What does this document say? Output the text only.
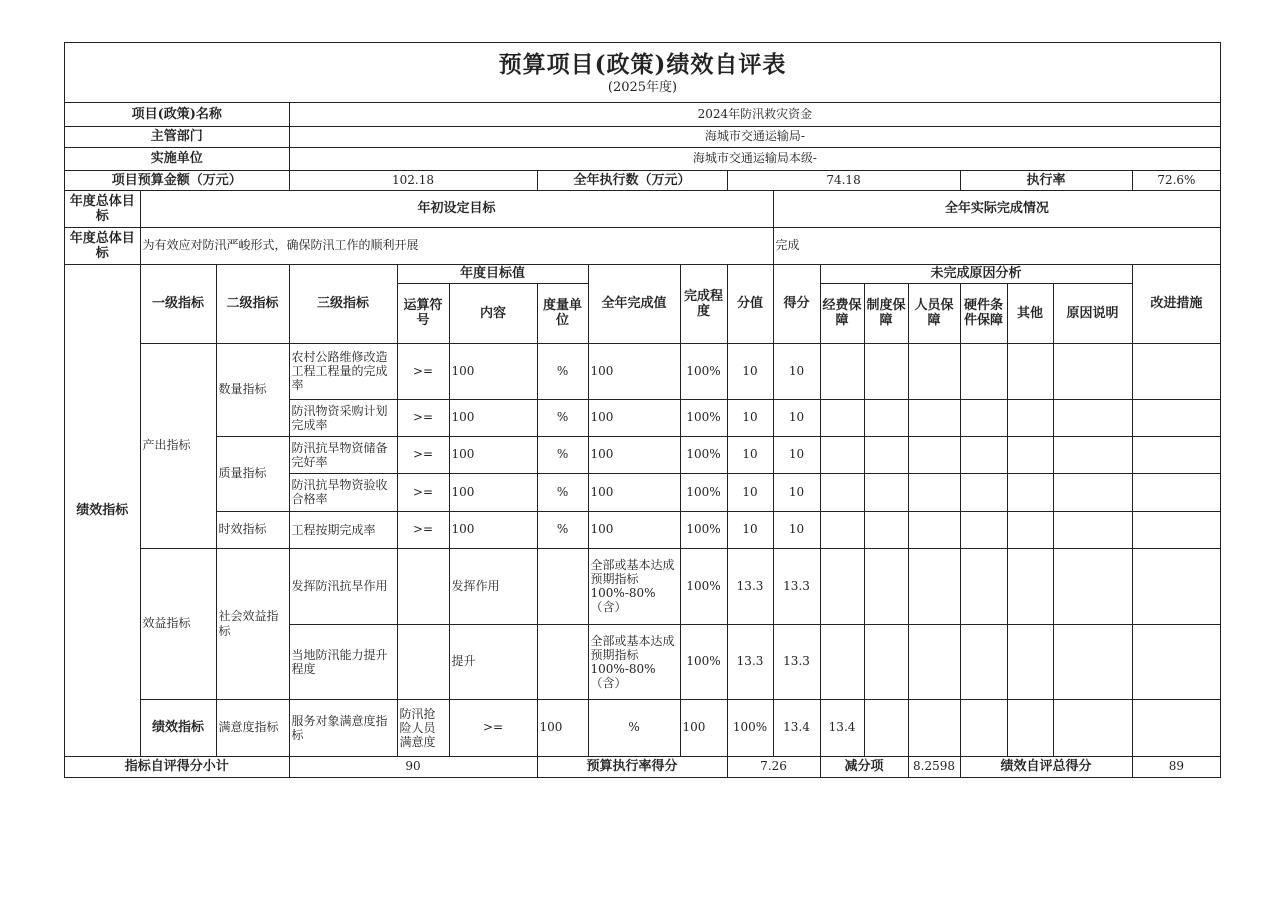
预算项目(政策)绩效自评表
(2025年度)
项目(政策)名称			2024年防汛救灾资金															
主管部门			海城市交通运输局-															
实施单位			海城市交通运输局本级-															
项目预算金额（万元）			102.18			全年执行数（万元）			74.18					执行率			72.6%	
年度总体目标	年初设定目标									全年实际完成情况								
年度总体目标	为有效应对防汛严峻形式，确保防汛工作的顺利开展									完成								
绩效指标	一级指标	二级指标	三级指标	年度目标值			全年完成值	完成程度	分值	得分	未完成原因分析						改进措施	
				运算符号	内容	度量单位					经费保障	制度保障	人员保障	硬件条件保障	其他	原因说明		
	产出指标	数量指标	农村公路维修改造工程工程量的完成率	>=	100	%	100	100%	10	10								
			防汛物资采购计划完成率	>=	100	%	100	100%	10	10								
		质量指标	防汛抗旱物资储备完好率	>=	100	%	100	100%	10	10								
			防汛抗旱物资验收合格率	>=	100	%	100	100%	10	10								
		时效指标	工程按期完成率	>=	100	%	100	100%	10	10								
	效益指标	社会效益指标	发挥防汛抗旱作用		发挥作用		全部或基本达成预期指标100%-80%（含）	100%	13.3	13.3								
			当地防汛能力提升程度		提升		全部或基本达成预期指标100%-80%（含）	100%	13.3	13.3								
	绩效指标	满意度指标	服务对象满意度指标	防汛抢险人员满意度	>=	100	%	100	100%	13.4	13.4							
指标自评得分小计			90			预算执行率得分			7.26		减分项		8.2598	绩效自评总得分			89	
